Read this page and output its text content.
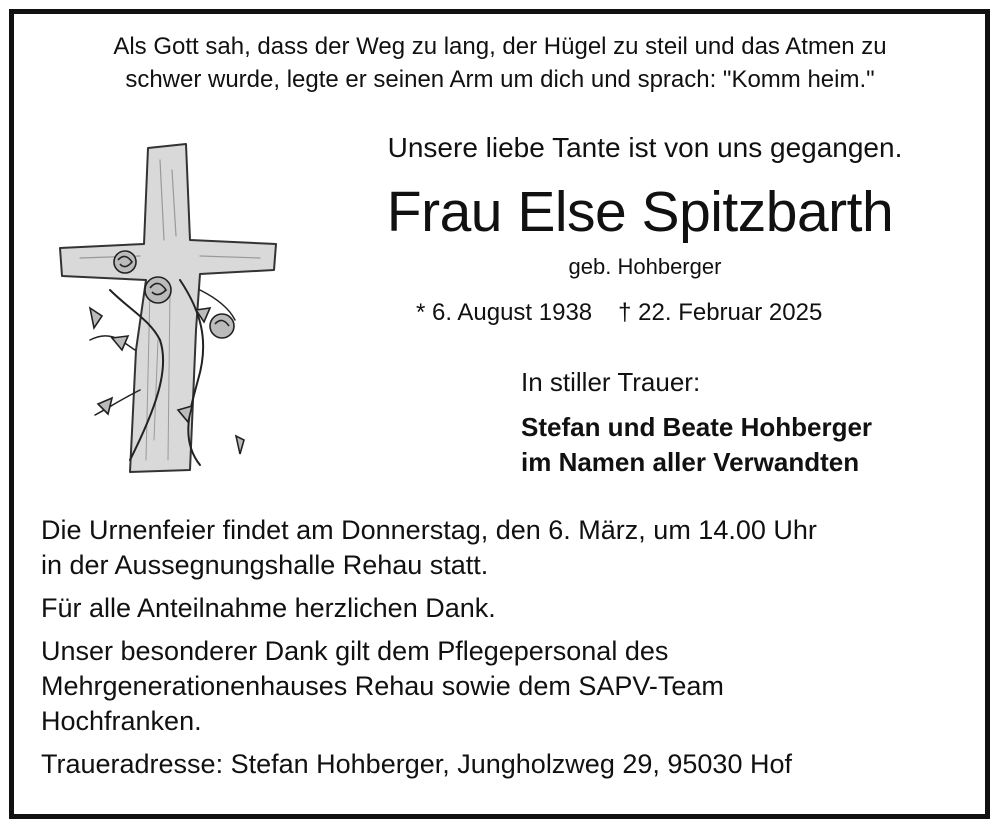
Als Gott sah, dass der Weg zu lang, der Hügel zu steil und das Atmen zu
schwer wurde, legte er seinen Arm um dich und sprach: "Komm heim."
Unsere liebe Tante ist von uns gegangen.
Frau Else Spitzbarth
geb. Hohberger
* 6. August 1938 † 22. Februar 2025
In stiller Trauer:
Stefan und Beate Hohberger
im Namen aller Verwandten

Die Urnenfeier findet am Donnerstag, den 6. März, um 14.00 Uhr

in der Aussegnungshalle Rehau statt.

Für alle Anteilnahme herzlichen Dank.

Unser besonderer Dank gilt dem Pflegepersonal des

Mehrgenerationenhauses Rehau sowie dem SAPV-Team

Hochfranken.

Traueradresse: Stefan Hohberger, Jungholzweg 29, 95030 Hof
